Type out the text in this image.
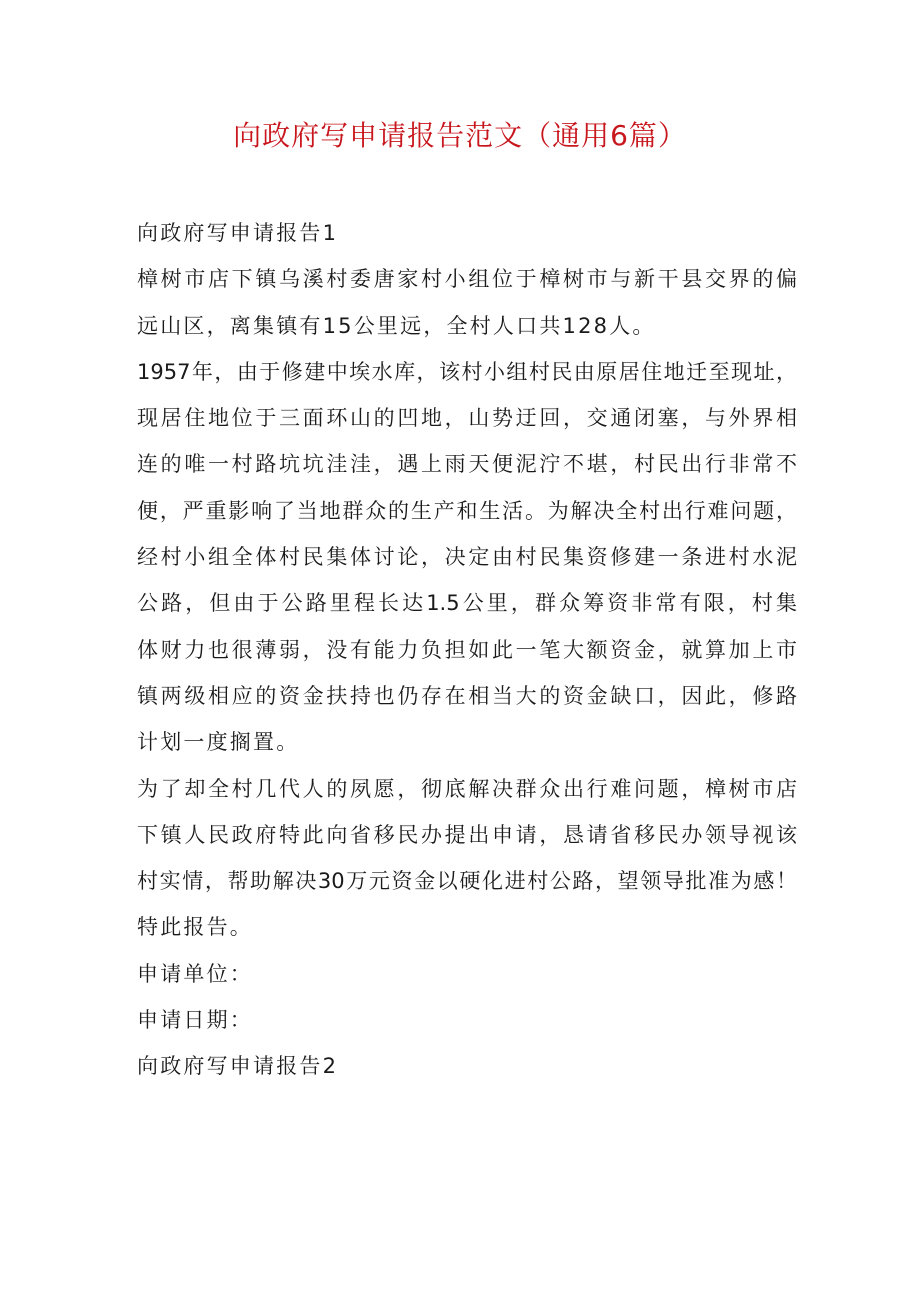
向政府写申请报告范文（通用6篇）
向政府写申请报告1
樟树市店下镇乌溪村委唐家村小组位于樟树市与新干县交界的偏
远山区，离集镇有15公里远，全村人口共128人。
1957年，由于修建中埃水库，该村小组村民由原居住地迁至现址，
现居住地位于三面环山的凹地，山势迂回，交通闭塞，与外界相
连的唯一村路坑坑洼洼，遇上雨天便泥泞不堪，村民出行非常不
便，严重影响了当地群众的生产和生活。为解决全村出行难问题，
经村小组全体村民集体讨论，决定由村民集资修建一条进村水泥
公路，但由于公路里程长达1.5公里，群众筹资非常有限，村集
体财力也很薄弱，没有能力负担如此一笔大额资金，就算加上市
镇两级相应的资金扶持也仍存在相当大的资金缺口，因此，修路
计划一度搁置。
为了却全村几代人的夙愿，彻底解决群众出行难问题，樟树市店
下镇人民政府特此向省移民办提出申请，恳请省移民办领导视该
村实情，帮助解决30万元资金以硬化进村公路，望领导批准为感！
特此报告。
申请单位：
申请日期：
向政府写申请报告2
